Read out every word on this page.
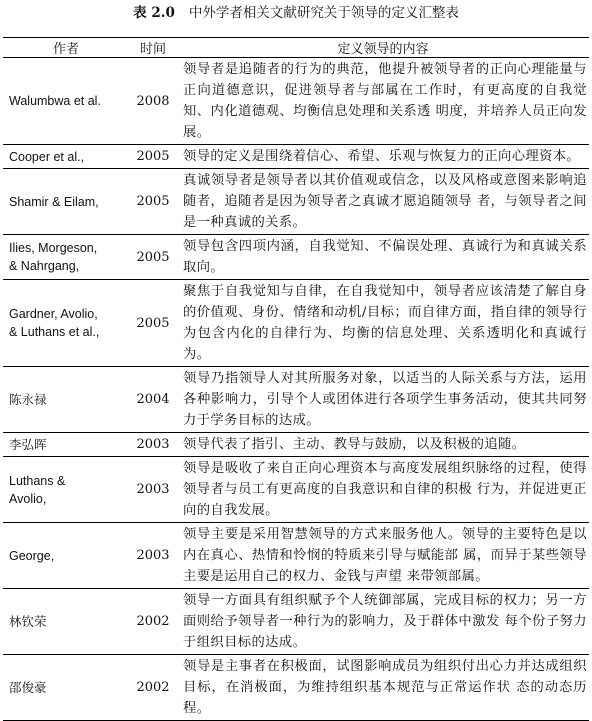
表 2.0 中外学者相关文献研究关于领导的定义汇整表
作者	时间	定义领导的内容

Walumbwa et al.	2008	领导者是追随者的行为的典范，他提升被领导者的正向心理能量与正向道德意识，促进领导者与部属在工作时，有更高度的自我觉知、内化道德观、均衡信息处理和关系透 明度，并培养人员正向发展。

Cooper et al.,	2005	领导的定义是围绕着信心、希望、乐观与恢复力的正向心理资本。

Shamir & Eilam,	2005	真诚领导者是领导者以其价值观或信念，以及风格或意图来影响追随者，追随者是因为领导者之真诚才愿追随领导 者，与领导者之间是一种真诚的关系。

Ilies, Morgeson,
& Nahrgang,	2005	领导包含四项内涵，自我觉知、不偏误处理、真诚行为和真诚关系取向。

Gardner, Avolio,
& Luthans et al.,	2005	聚焦于自我觉知与自律，在自我觉知中，领导者应该清楚了解自身的价值观、身份、情绪和动机/目标；而自律方面，指自律的领导行为包含内化的自律行为、均衡的信息处理、关系透明化和真诚行为。

陈永禄	2004	领导乃指领导人对其所服务对象，以适当的人际关系与方法，运用各种影响力，引导个人或团体进行各项学生事务活动，使其共同努力于学务目标的达成。

李弘晖	2003	领导代表了指引、主动、教导与鼓励，以及积极的追随。

Luthans &
Avolio,	2003	领导是吸收了来自正向心理资本与高度发展组织脉络的过程，使得领导者与员工有更高度的自我意识和自律的积极 行为，并促进更正向的自我发展。

George,	2003	领导主要是采用智慧领导的方式来服务他人。领导的主要特色是以内在真心、热情和怜悯的特质来引导与赋能部 属，而异于某些领导主要是运用自己的权力、金钱与声望 来带领部属。

林钦荣	2002	领导一方面具有组织赋予个人统御部属，完成目标的权力；另一方面则给予领导者一种行为的影响力，及于群体中激发 每个份子努力于组织目标的达成。

邵俊豪	2002	领导是主事者在积极面，试图影响成员为组织付出心力并达成组织目标，在消极面，为维持组织基本规范与正常运作状 态的动态历程。
